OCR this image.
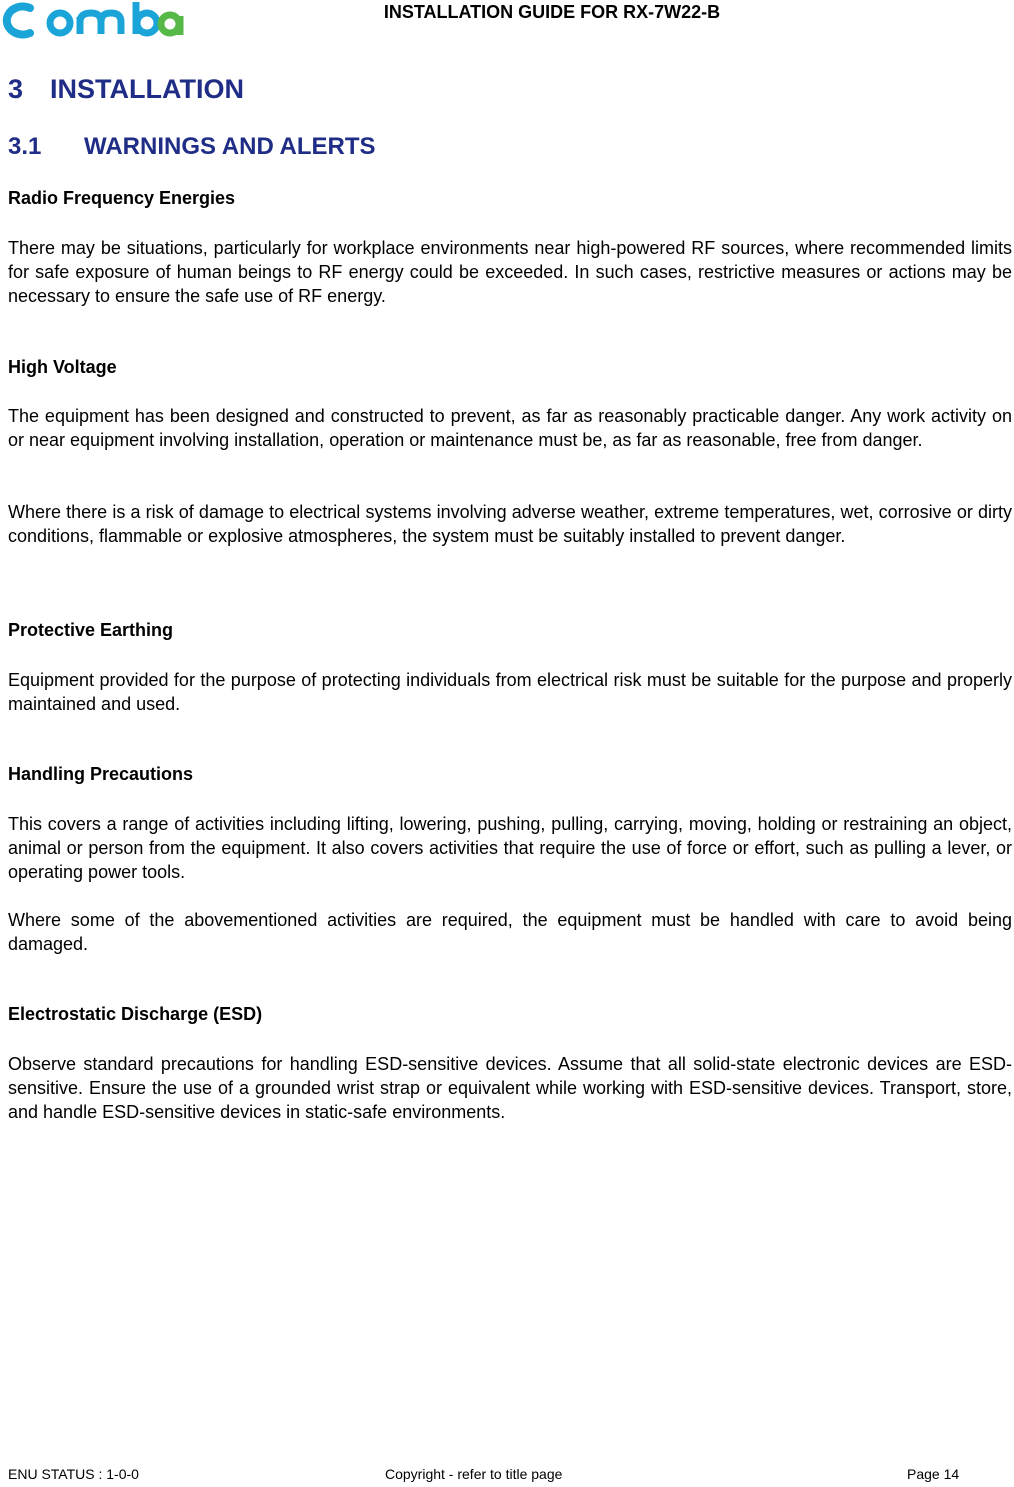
INSTALLATION GUIDE FOR RX-7W22-B
3 INSTALLATION
3.1 WARNINGS AND ALERTS
Radio Frequency Energies

There may be situations, particularly for workplace environments near high-powered RF sources, where recommended limits for safe exposure of human beings to RF energy could be exceeded. In such cases, restrictive measures or actions may be necessary to ensure the safe use of RF energy.

High Voltage

The equipment has been designed and constructed to prevent, as far as reasonably practicable danger. Any work activity on or near equipment involving installation, operation or maintenance must be, as far as reasonable, free from danger.

Where there is a risk of damage to electrical systems involving adverse weather, extreme temperatures, wet, corrosive or dirty conditions, flammable or explosive atmospheres, the system must be suitably installed to prevent danger.

Protective Earthing

Equipment provided for the purpose of protecting individuals from electrical risk must be suitable for the purpose and properly maintained and used.

Handling Precautions

This covers a range of activities including lifting, lowering, pushing, pulling, carrying, moving, holding or restraining an object, animal or person from the equipment. It also covers activities that require the use of force or effort, such as pulling a lever, or operating power tools.

Where some of the abovementioned activities are required, the equipment must be handled with care to avoid being damaged.

Electrostatic Discharge (ESD)

Observe standard precautions for handling ESD-sensitive devices. Assume that all solid-state electronic devices are ESD-sensitive. Ensure the use of a grounded wrist strap or equivalent while working with ESD-sensitive devices. Transport, store, and handle ESD-sensitive devices in static-safe environments.

ENU STATUS : 1-0-0	Copyright - refer to title page	Page 14
